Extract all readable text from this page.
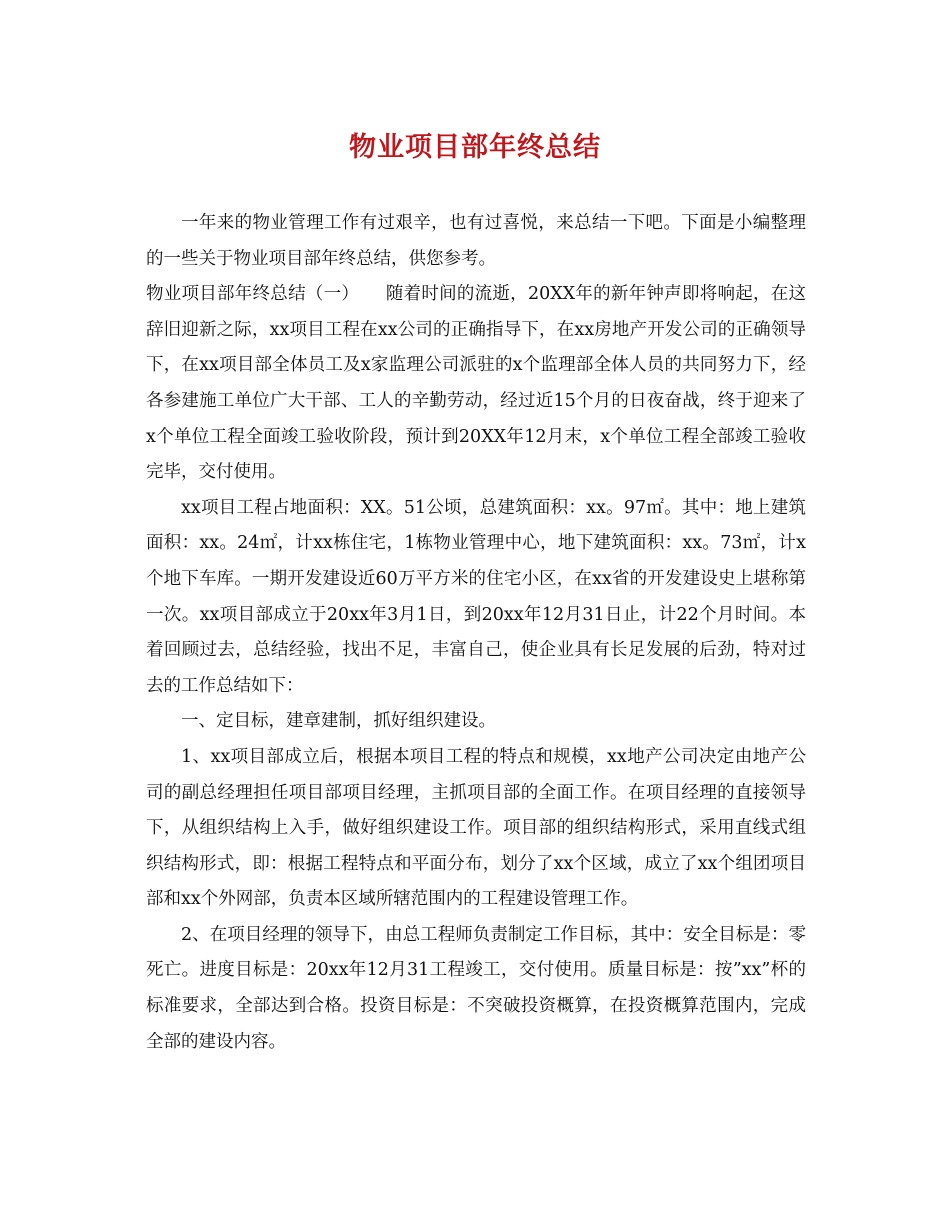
物业项目部年终总结

一年来的物业管理工作有过艰辛，也有过喜悦，来总结一下吧。下面是小编整理的一些关于物业项目部年终总结，供您参考。

物业项目部年终总结（一）　　随着时间的流逝，20XX年的新年钟声即将响起，在这辞旧迎新之际，xx项目工程在xx公司的正确指导下，在xx房地产开发公司的正确领导下，在xx项目部全体员工及x家监理公司派驻的x个监理部全体人员的共同努力下，经各参建施工单位广大干部、工人的辛勤劳动，经过近15个月的日夜奋战，终于迎来了x个单位工程全面竣工验收阶段，预计到20XX年12月末，x个单位工程全部竣工验收完毕，交付使用。

xx项目工程占地面积：XX。51公顷，总建筑面积：xx。97㎡。其中：地上建筑面积：xx。24㎡，计xx栋住宅，1栋物业管理中心，地下建筑面积：xx。73㎡，计x个地下车库。一期开发建设近60万平方米的住宅小区，在xx省的开发建设史上堪称第一次。xx项目部成立于20xx年3月1日，到20xx年12月31日止，计22个月时间。本着回顾过去，总结经验，找出不足，丰富自己，使企业具有长足发展的后劲，特对过去的工作总结如下：

一、定目标，建章建制，抓好组织建设。

1、xx项目部成立后，根据本项目工程的特点和规模，xx地产公司决定由地产公司的副总经理担任项目部项目经理，主抓项目部的全面工作。在项目经理的直接领导下，从组织结构上入手，做好组织建设工作。项目部的组织结构形式，采用直线式组织结构形式，即：根据工程特点和平面分布，划分了xx个区域，成立了xx个组团项目部和xx个外网部，负责本区域所辖范围内的工程建设管理工作。

2、在项目经理的领导下，由总工程师负责制定工作目标，其中：安全目标是：零死亡。进度目标是：20xx年12月31工程竣工，交付使用。质量目标是：按”xx”杯的标准要求，全部达到合格。投资目标是：不突破投资概算，在投资概算范围内，完成全部的建设内容。
